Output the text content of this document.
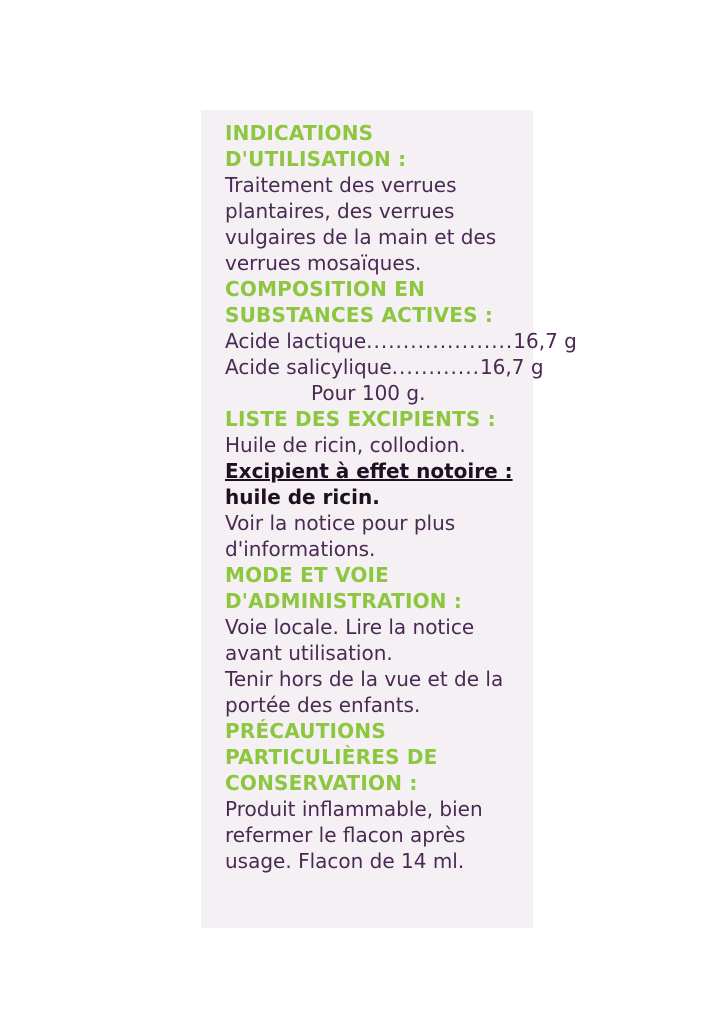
INDICATIONS
D'UTILISATION :
Traitement des verrues
plantaires, des verrues
vulgaires de la main et des
verrues mosaïques.
COMPOSITION EN
SUBSTANCES ACTIVES :
Acide lactique .................... 16,7 g
Acide salicylique ............ 16,7 g
Pour 100 g.
LISTE DES EXCIPIENTS :
Huile de ricin, collodion.
Excipient à effet notoire :
huile de ricin.
Voir la notice pour plus
d'informations.
MODE ET VOIE
D'ADMINISTRATION :
Voie locale. Lire la notice
avant utilisation.
Tenir hors de la vue et de la
portée des enfants.
PRÉCAUTIONS
PARTICULIÈRES DE
CONSERVATION :
Produit inflammable, bien
refermer le flacon après
usage. Flacon de 14 ml.
